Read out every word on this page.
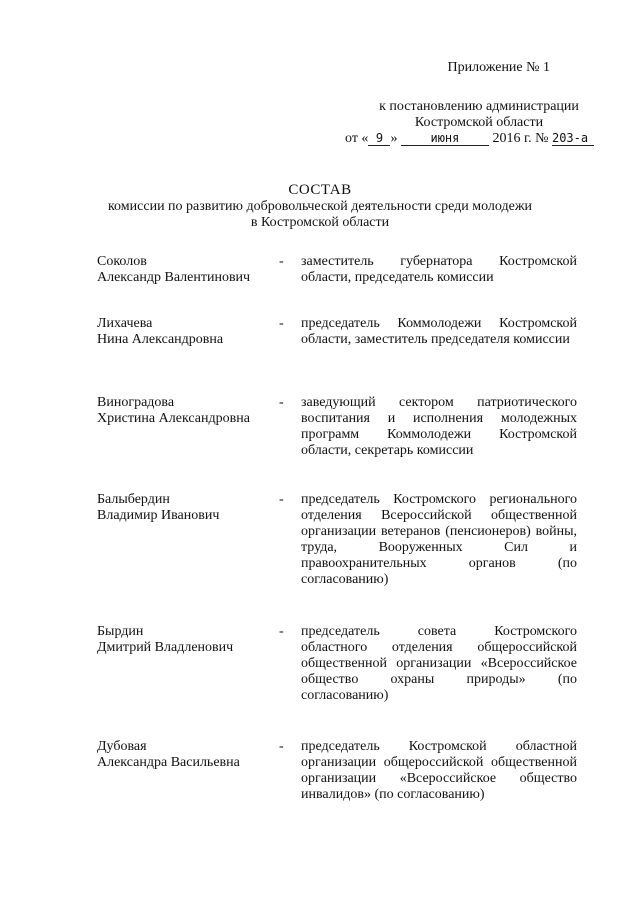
Приложение № 1
к постановлению администрации
Костромской области
от « 9 »	июня 2016 г. № 203-а
СОСТАВ
комиссии по развитию добровольческой деятельности среди молодежи
в Костромской области
Соколов
Александр Валентинович
-	заместитель губернатора Костромской области, председатель комиссии
Лихачева
Нина Александровна
-	председатель Коммолодежи Костромской области, заместитель председателя комиссии
Виноградова
Христина Александровна
-	заведующий сектором патриотического воспитания и исполнения молодежных программ Коммолодежи Костромской области, секретарь комиссии
Балыбердин
Владимир Иванович
-	председатель Костромского регионального отделения Всероссийской общественной организации ветеранов (пенсионеров) войны, труда, Вооруженных Сил и правоохранительных органов (по согласованию)
Бырдин
Дмитрий Владленович
-	председатель совета Костромского областного отделения общероссийской общественной организации «Всероссийское общество охраны природы» (по согласованию)
Дубовая
Александра Васильевна
-	председатель Костромской областной организации общероссийской общественной организации «Всероссийское общество инвалидов» (по согласованию)
